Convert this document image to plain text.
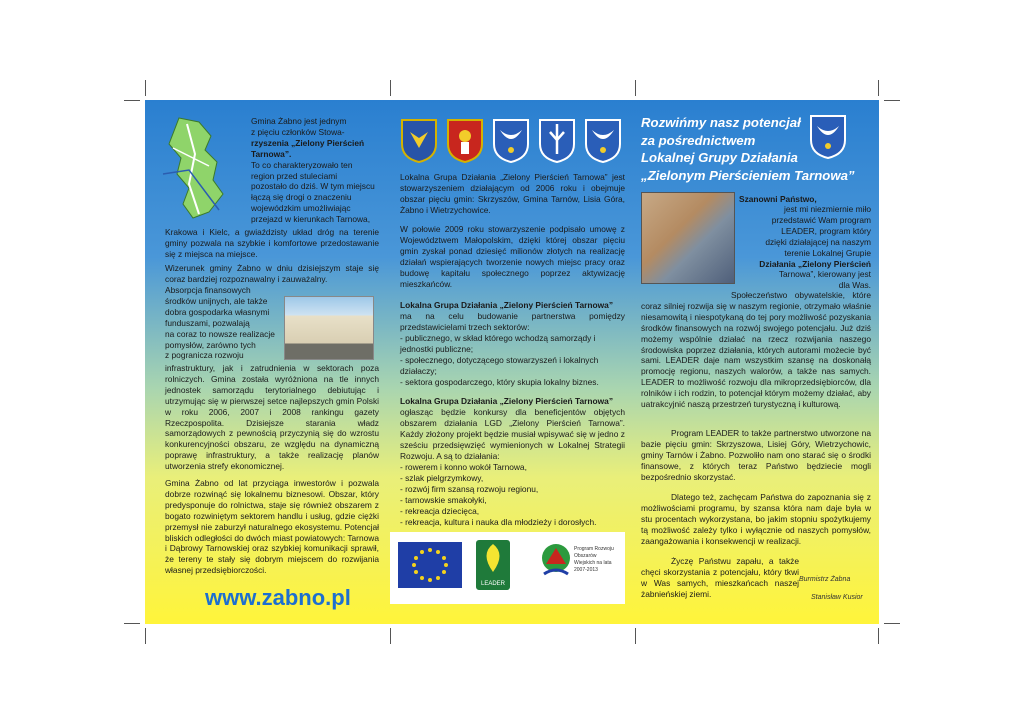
Gmina Żabno jest jednym
z pięciu członków Stowa-
rzyszenia „Zielony Pierścień
Tarnowa”.
To co charakteryzowało ten
region przed stuleciami
pozostało do dziś. W tym miejscu
łączą się drogi o znaczeniu
wojewódzkim umożliwiając
przejazd w kierunkach Tarnowa,
Krakowa i Kielc, a gwiaździsty układ dróg na terenie gminy pozwala na szybkie i komfortowe przedostawanie się z miejsca na miejsce.
Wizerunek gminy Żabno w dniu dzisiejszym staje się coraz bardziej rozpoznawalny i zauważalny.
Absorpcja finansowych
środków unijnych, ale także
dobra gospodarka własnymi
funduszami, pozwalają
na coraz to nowsze realizacje
pomysłów, zarówno tych
z pogranicza rozwoju
infrastruktury, jak i zatrudnienia w sektorach poza rolniczych. Gmina została wyróżniona na tle innych jednostek samorządu terytorialnego debiutując i utrzymując się w pierwszej setce najlepszych gmin Polski w roku 2006, 2007 i 2008 rankingu gazety Rzeczpospolita. Dzisiejsze starania władz samorządowych z pewnością przyczynią się do wzrostu konkurencyjności obszaru, ze względu na dynamiczną poprawę infrastruktury, a także realizację planów utworzenia strefy ekonomicznej.
Gmina Żabno od lat przyciąga inwestorów i pozwala dobrze rozwinąć się lokalnemu biznesowi. Obszar, który predysponuje do rolnictwa, staje się również obszarem z bogato rozwiniętym sektorem handlu i usług, gdzie ciężki przemysł nie zaburzył naturalnego ekosystemu. Potencjał bliskich odległości do dwóch miast powiatowych: Tarnowa i Dąbrowy Tarnowskiej oraz szybkiej komunikacji sprawił, że tereny te stały się dobrym miejscem do rozwijania własnej przedsiębiorczości.
www.zabno.pl
Lokalna Grupa Działania „Zielony Pierścień Tarnowa” jest stowarzyszeniem działającym od 2006 roku i obejmuje obszar pięciu gmin: Skrzyszów, Gmina Tarnów, Lisia Góra, Żabno i Wietrzychowice.
W połowie 2009 roku stowarzyszenie podpisało umowę z Województwem Małopolskim, dzięki której obszar pięciu gmin zyskał ponad dziesięć milionów złotych na realizację działań wspierających tworzenie nowych miejsc pracy oraz budowę kapitału społecznego poprzez aktywizację mieszkańców.
Lokalna Grupa Działania „Zielony Pierścień Tarnowa”
ma na celu budowanie partnerstwa pomiędzy przedstawicielami trzech sektorów:
- publicznego, w skład którego wchodzą samorządy i jednostki publiczne;
- społecznego, dotyczącego stowarzyszeń i lokalnych działaczy;
- sektora gospodarczego, który skupia lokalny biznes.
Lokalna Grupa Działania „Zielony Pierścień Tarnowa”
ogłasząc będzie konkursy dla beneficjentów objętych obszarem działania LGD „Zielony Pierścień Tarnowa”. Każdy złożony projekt będzie musiał wpisywać się w jedno z sześciu przedsięwzięć wymienionych w Lokalnej Strategii Rozwoju. A są to działania:
- rowerem i konno wokół Tarnowa,
- szlak pielgrzymkowy,
- rozwój firm szansą rozwoju regionu,
- tarnowskie smakołyki,
- rekreacja dziecięca,
- rekreacja, kultura i nauka dla młodzieży i dorosłych.
LEADER
Program Rozwoju Obszarów Wiejskich na lata 2007-2013
Rozwińmy nasz potencjał
za pośrednictwem
Lokalnej Grupy Działania
„Zielonym Pierścieniem Tarnowa”
Szanowni Państwo,
jest mi niezmiernie miło
przedstawić Wam program
LEADER, program który
dzięki działającej na naszym
terenie Lokalnej Grupie
Działania „Zielony Pierścień
Tarnowa”, kierowany jest
dla Was.
Społeczeństwo obywatelskie, które coraz silniej rozwija się w naszym regionie, otrzymało właśnie niesamowitą i niespotykaną do tej pory możliwość pozyskania środków finansowych na rozwój swojego potencjału. Już dziś możemy wspólnie działać na rzecz rozwijania naszego środowiska poprzez działania, których autorami możecie być sami. LEADER daje nam wszystkim szansę na doskonałą promocję regionu, naszych walorów, a także nas samych. LEADER to możliwość rozwoju dla mikroprzedsiębiorców, dla rolników i ich rodzin, to potencjał którym możemy działać, aby uatrakcyjnić naszą przestrzeń turystyczną i kulturową.
Program LEADER to także partnerstwo utworzone na bazie pięciu gmin: Skrzyszowa, Lisiej Góry, Wietrzychowic, gminy Tarnów i Żabno. Pozwoliło nam ono starać się o środki finansowe, z których teraz Państwo będziecie mogli bezpośrednio skorzystać.
Dlatego też, zachęcam Państwa do zapoznania się z możliwościami programu, by szansa która nam daje była w stu procentach wykorzystana, bo jakim stopniu spożytkujemy tą możliwość zależy tylko i wyłącznie od naszych pomysłów, zaangażowania i konsekwencji w realizacji.
Życzę Państwu zapału, a także chęci skorzystania z potencjału, który tkwi w Was samych, mieszkańcach naszej żabnieńskiej ziemi.
Burmistrz Żabna
Stanisław Kusior
